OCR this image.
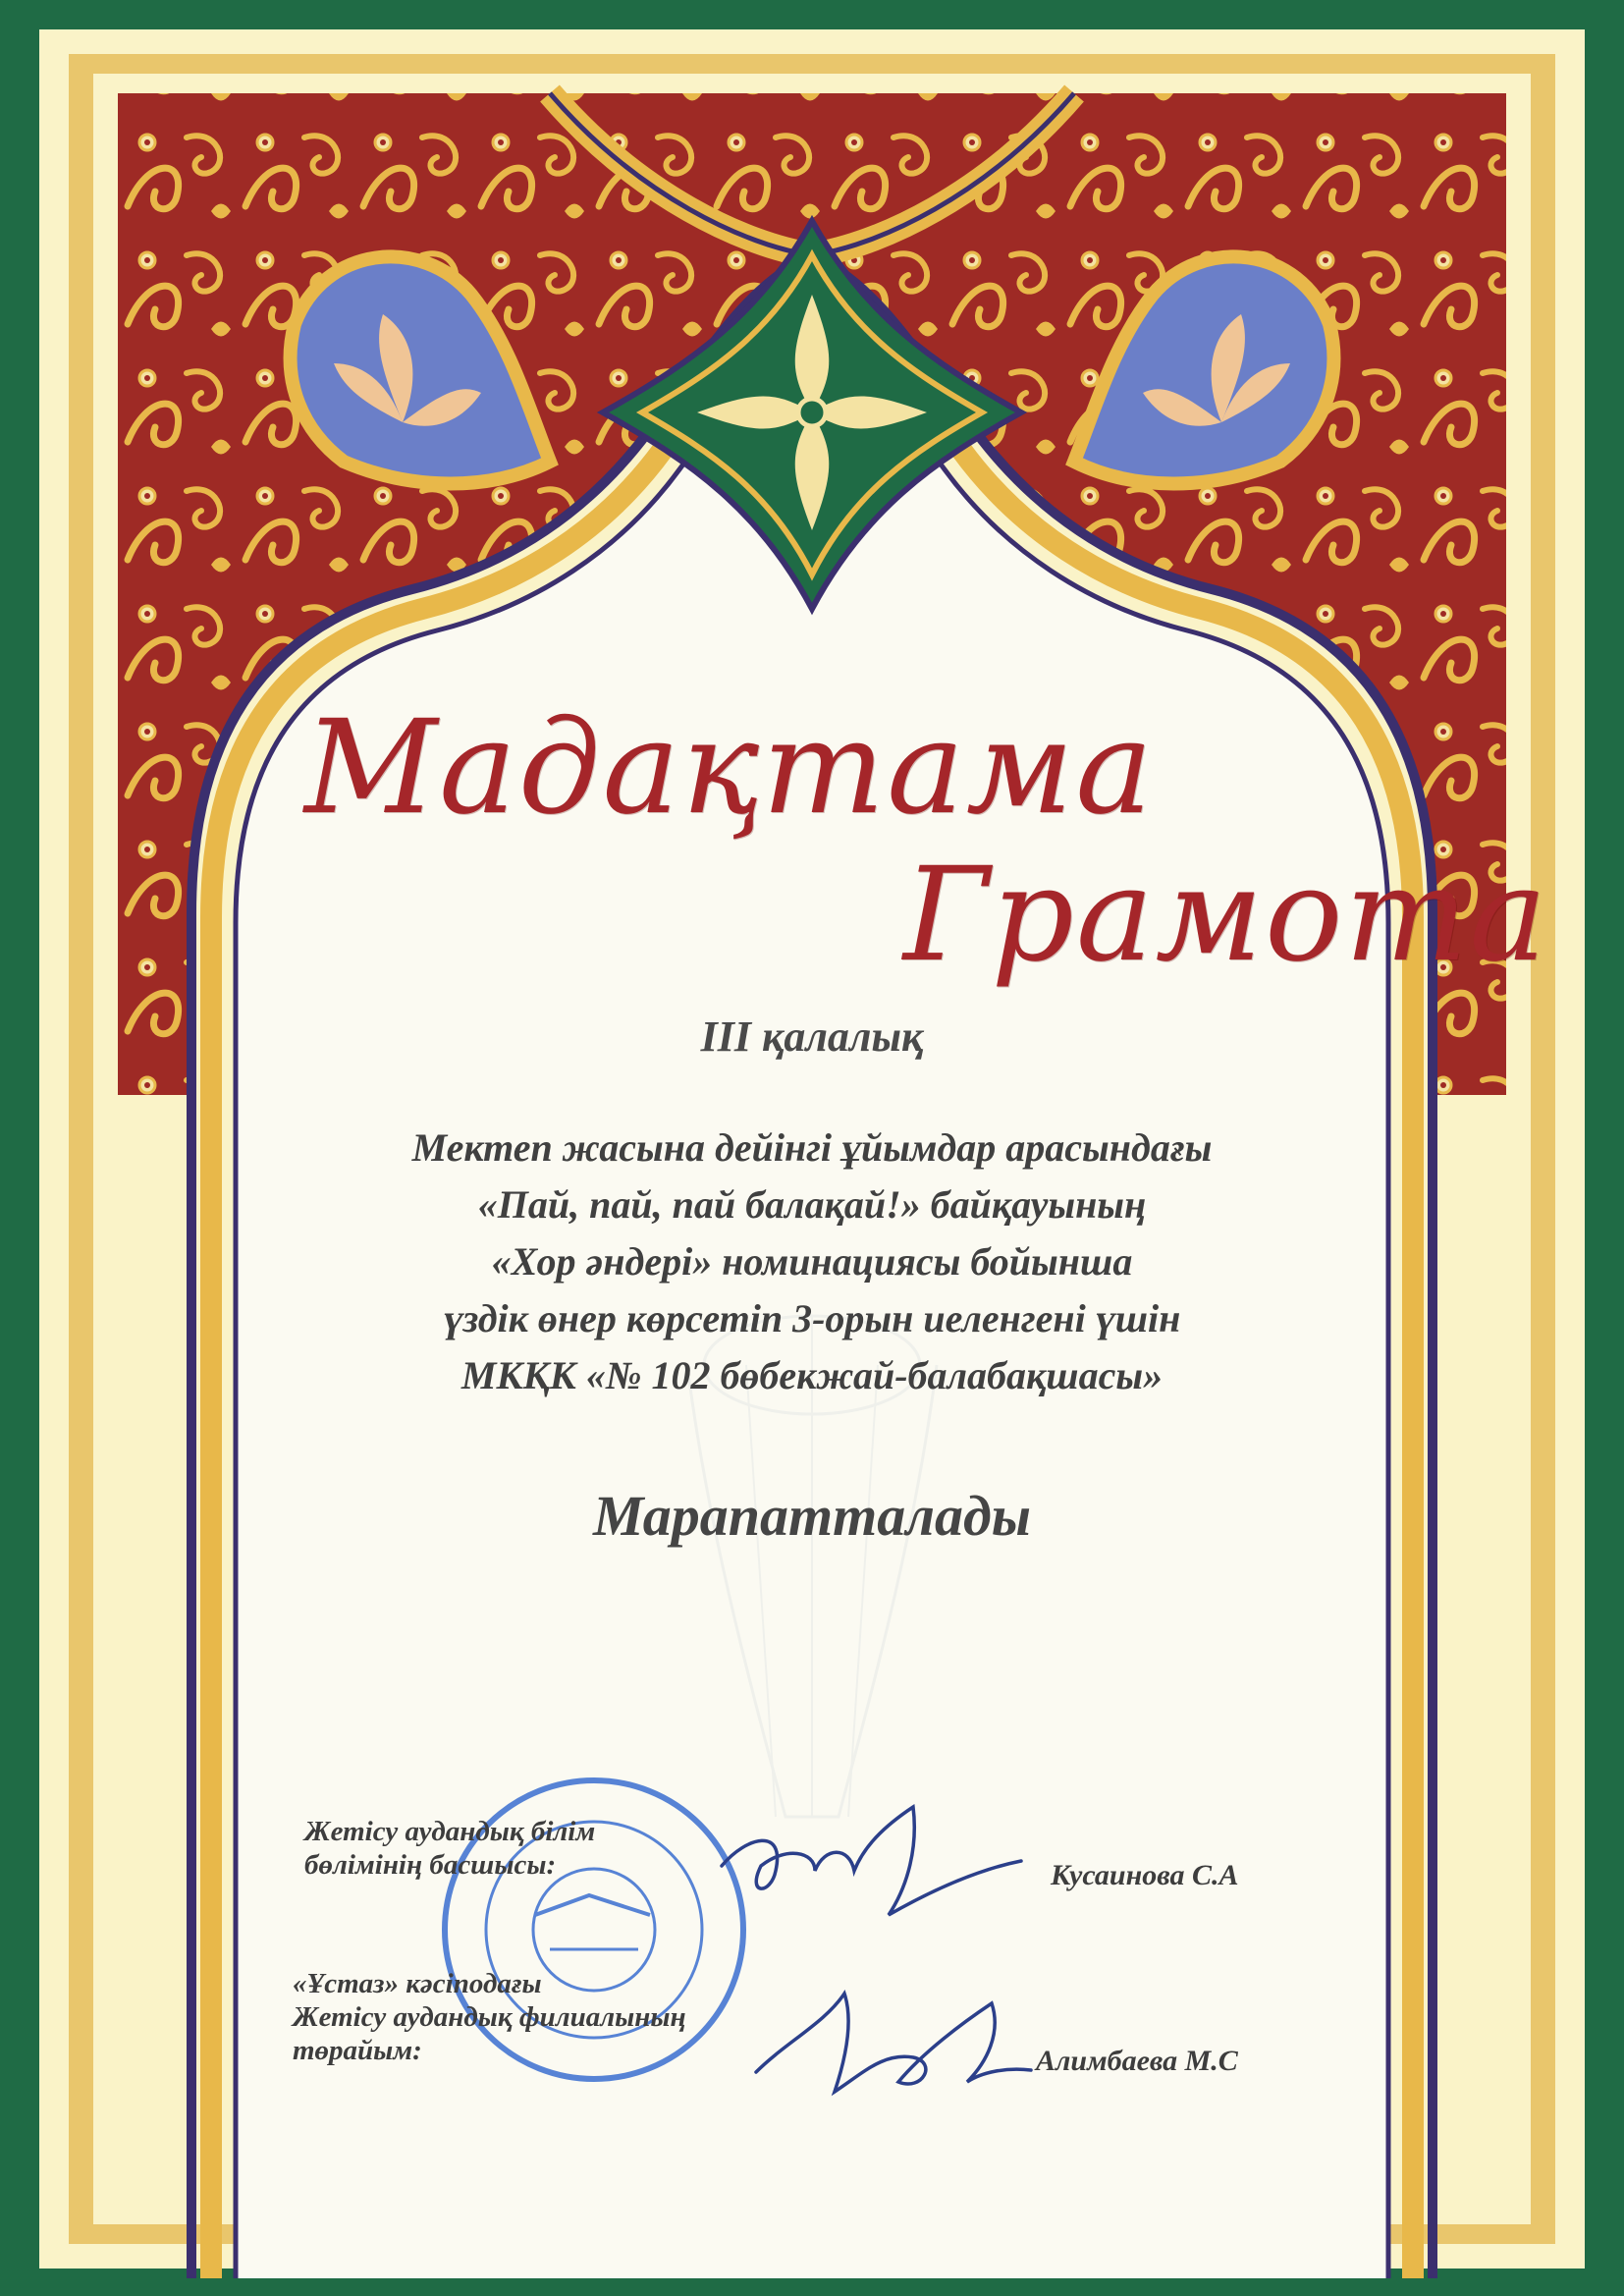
Мадақтама
Грамота
III қалалық
Мектеп жасына дейінгі ұйымдар арасындағы
«Пай, пай, пай балақай!» байқауының
«Хор әндері» номинациясы бойынша
үздік өнер көрсетіп 3-орын иеленгені үшін
МКҚК «№ 102 бөбекжай-балабақшасы»
Марапатталады
Жетісу аудандық білім
бөлімінің басшысы:	Кусаинова С.А
«Ұстаз» кәсіподағы
Жетісу аудандық филиалының
төрайым:	Алимбаева М.С
